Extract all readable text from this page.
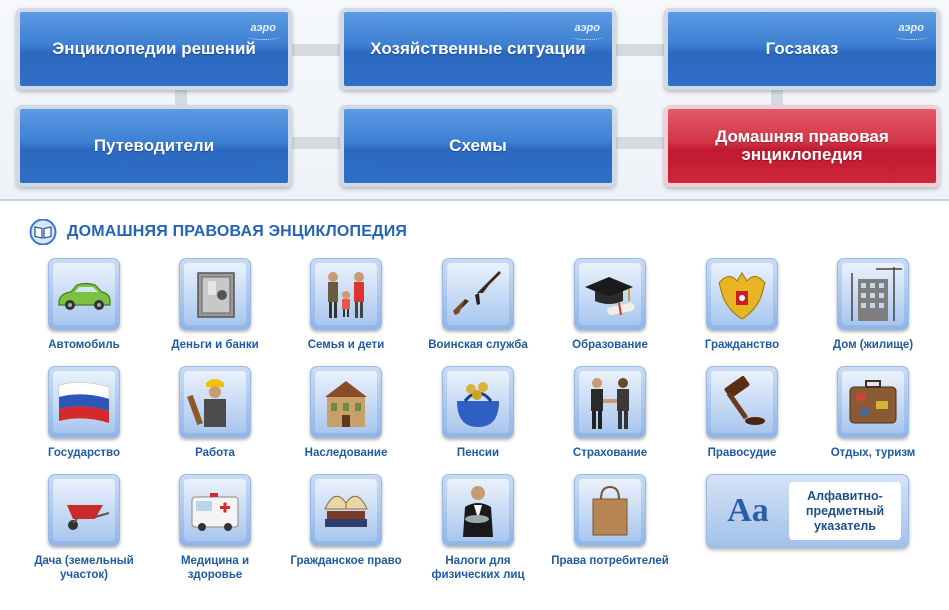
Энциклопедии решений
аэро
Хозяйственные ситуации
аэро
Госзаказ
аэро
Путеводители	Схемы	Домашняя правовая энциклопедия
ДОМАШНЯЯ ПРАВОВАЯ ЭНЦИКЛОПЕДИЯ
Автомобиль	Деньги и банки	Семья и дети	Воинская служба	Образование	Гражданство	Дом (жилище)
Государство	Работа	Наследование	Пенсии	Страхование	Правосудие	Отдых, туризм
Дача (земельный участок)
Медицина и здоровье
Гражданское право	Налоги для физических лиц
Права потребителей
Aa	Алфавитно-предметный указатель
